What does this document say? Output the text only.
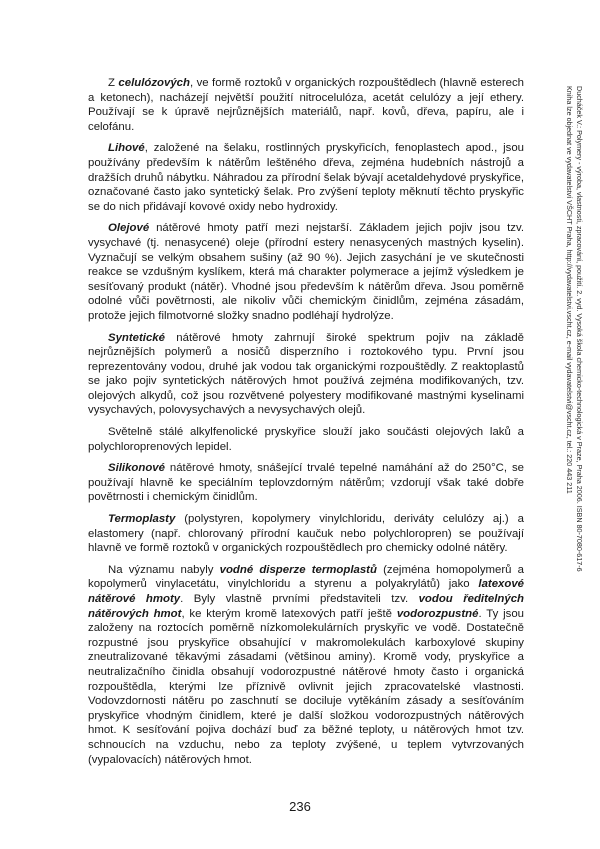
Z celulózových, ve formě roztoků v organických rozpouštědlech (hlavně esterech a ketonech), nacházejí největší použití nitrocelulóza, acetát celulózy a její ethery. Používají se k úpravě nejrůznějších materiálů, např. kovů, dřeva, papíru, ale i celofánu.

Lihové, založené na šelaku, rostlinných pryskyřicích, fenoplastech apod., jsou používány především k nátěrům leštěného dřeva, zejména hudebních nástrojů a dražších druhů nábytku. Náhradou za přírodní šelak bývají acetaldehydové pryskyřice, označované často jako syntetický šelak. Pro zvýšení teploty měknutí těchto pryskyřic se do nich přidávají kovové oxidy nebo hydroxidy.

Olejové nátěrové hmoty patří mezi nejstarší. Základem jejich pojiv jsou tzv. vysychavé (tj. nenasycené) oleje (přírodní estery nenasycených mastných kyselin). Vyznačují se velkým obsahem sušiny (až 90 %). Jejich zasychání je ve skutečnosti reakce se vzdušným kyslíkem, která má charakter polymerace a jejímž výsledkem je sesíťovaný produkt (nátěr). Vhodné jsou především k nátěrům dřeva. Jsou poměrně odolné vůči povětrnosti, ale nikoliv vůči chemickým činidlům, zejména zásadám, protože jejich filmotvorné složky snadno podléhají hydrolýze.

Syntetické nátěrové hmoty zahrnují široké spektrum pojiv na základě nejrůznějších polymerů a nosičů disperzního i roztokového typu. První jsou reprezentovány vodou, druhé jak vodou tak organickými rozpouštědly. Z reaktoplastů se jako pojiv syntetických nátěrových hmot používá zejména modifikovaných, tzv. olejových alkydů, což jsou rozvětvené polyestery modifikované mastnými kyselinami vysychavých, polovysychavých a nevysychavých olejů.

Světelně stálé alkylfenolické pryskyřice slouží jako součásti olejových laků a polychloroprenových lepidel.

Silikonové nátěrové hmoty, snášející trvalé tepelné namáhání až do 250°C, se používají hlavně ke speciálním teplovzdorným nátěrům; vzdorují však také dobře povětrnosti i chemickým činidlům.

Termoplasty (polystyren, kopolymery vinylchloridu, deriváty celulózy aj.) a elastomery (např. chlorovaný přírodní kaučuk nebo polychloropren) se používají hlavně ve formě roztoků v organických rozpouštědlech pro chemicky odolné nátěry.

Na významu nabyly vodné disperze termoplastů (zejména homopolymerů a kopolymerů vinylacetátu, vinylchloridu a styrenu a polyakrylátů) jako latexové nátěrové hmoty. Byly vlastně prvními představiteli tzv. vodou ředitelných nátěrových hmot, ke kterým kromě latexových patří ještě vodorozpustné. Ty jsou založeny na roztocích poměrně nízkomolekulárních pryskyřic ve vodě. Dostatečně rozpustné jsou pryskyřice obsahující v makromolekulách karboxylové skupiny zneutralizované těkavými zásadami (většinou aminy). Kromě vody, pryskyřice a neutralizačního činidla obsahují vodorozpustné nátěrové hmoty často i organická rozpouštědla, kterými lze příznivě ovlivnit jejich zpracovatelské vlastnosti. Vodovzdornosti nátěru po zaschnutí se dociluje vytěkáním zásady a sesíťováním pryskyřice vhodným činidlem, které je další složkou vodorozpustných nátěrových hmot. K sesíťování pojiva dochází buď za běžné teploty, u nátěrových hmot tzv. schnoucích na vzduchu, nebo za teploty zvýšené, u teplem vytvrzovaných (vypalovacích) nátěrových hmot.

Ducháček V.: Polymery - výroba, vlastnosti, zpracování, použití. 2. vyd. Vysoká škola chemicko-technologická v Praze, Praha 2006. ISBN 80-7080-617-6
Kniha lze objednat ve vydavatelství VŠCHT Praha, http://vydavatelstvi.vscht.cz, e-mail vydavatelstvi@vscht.cz, tel.: 220 443 211
236
